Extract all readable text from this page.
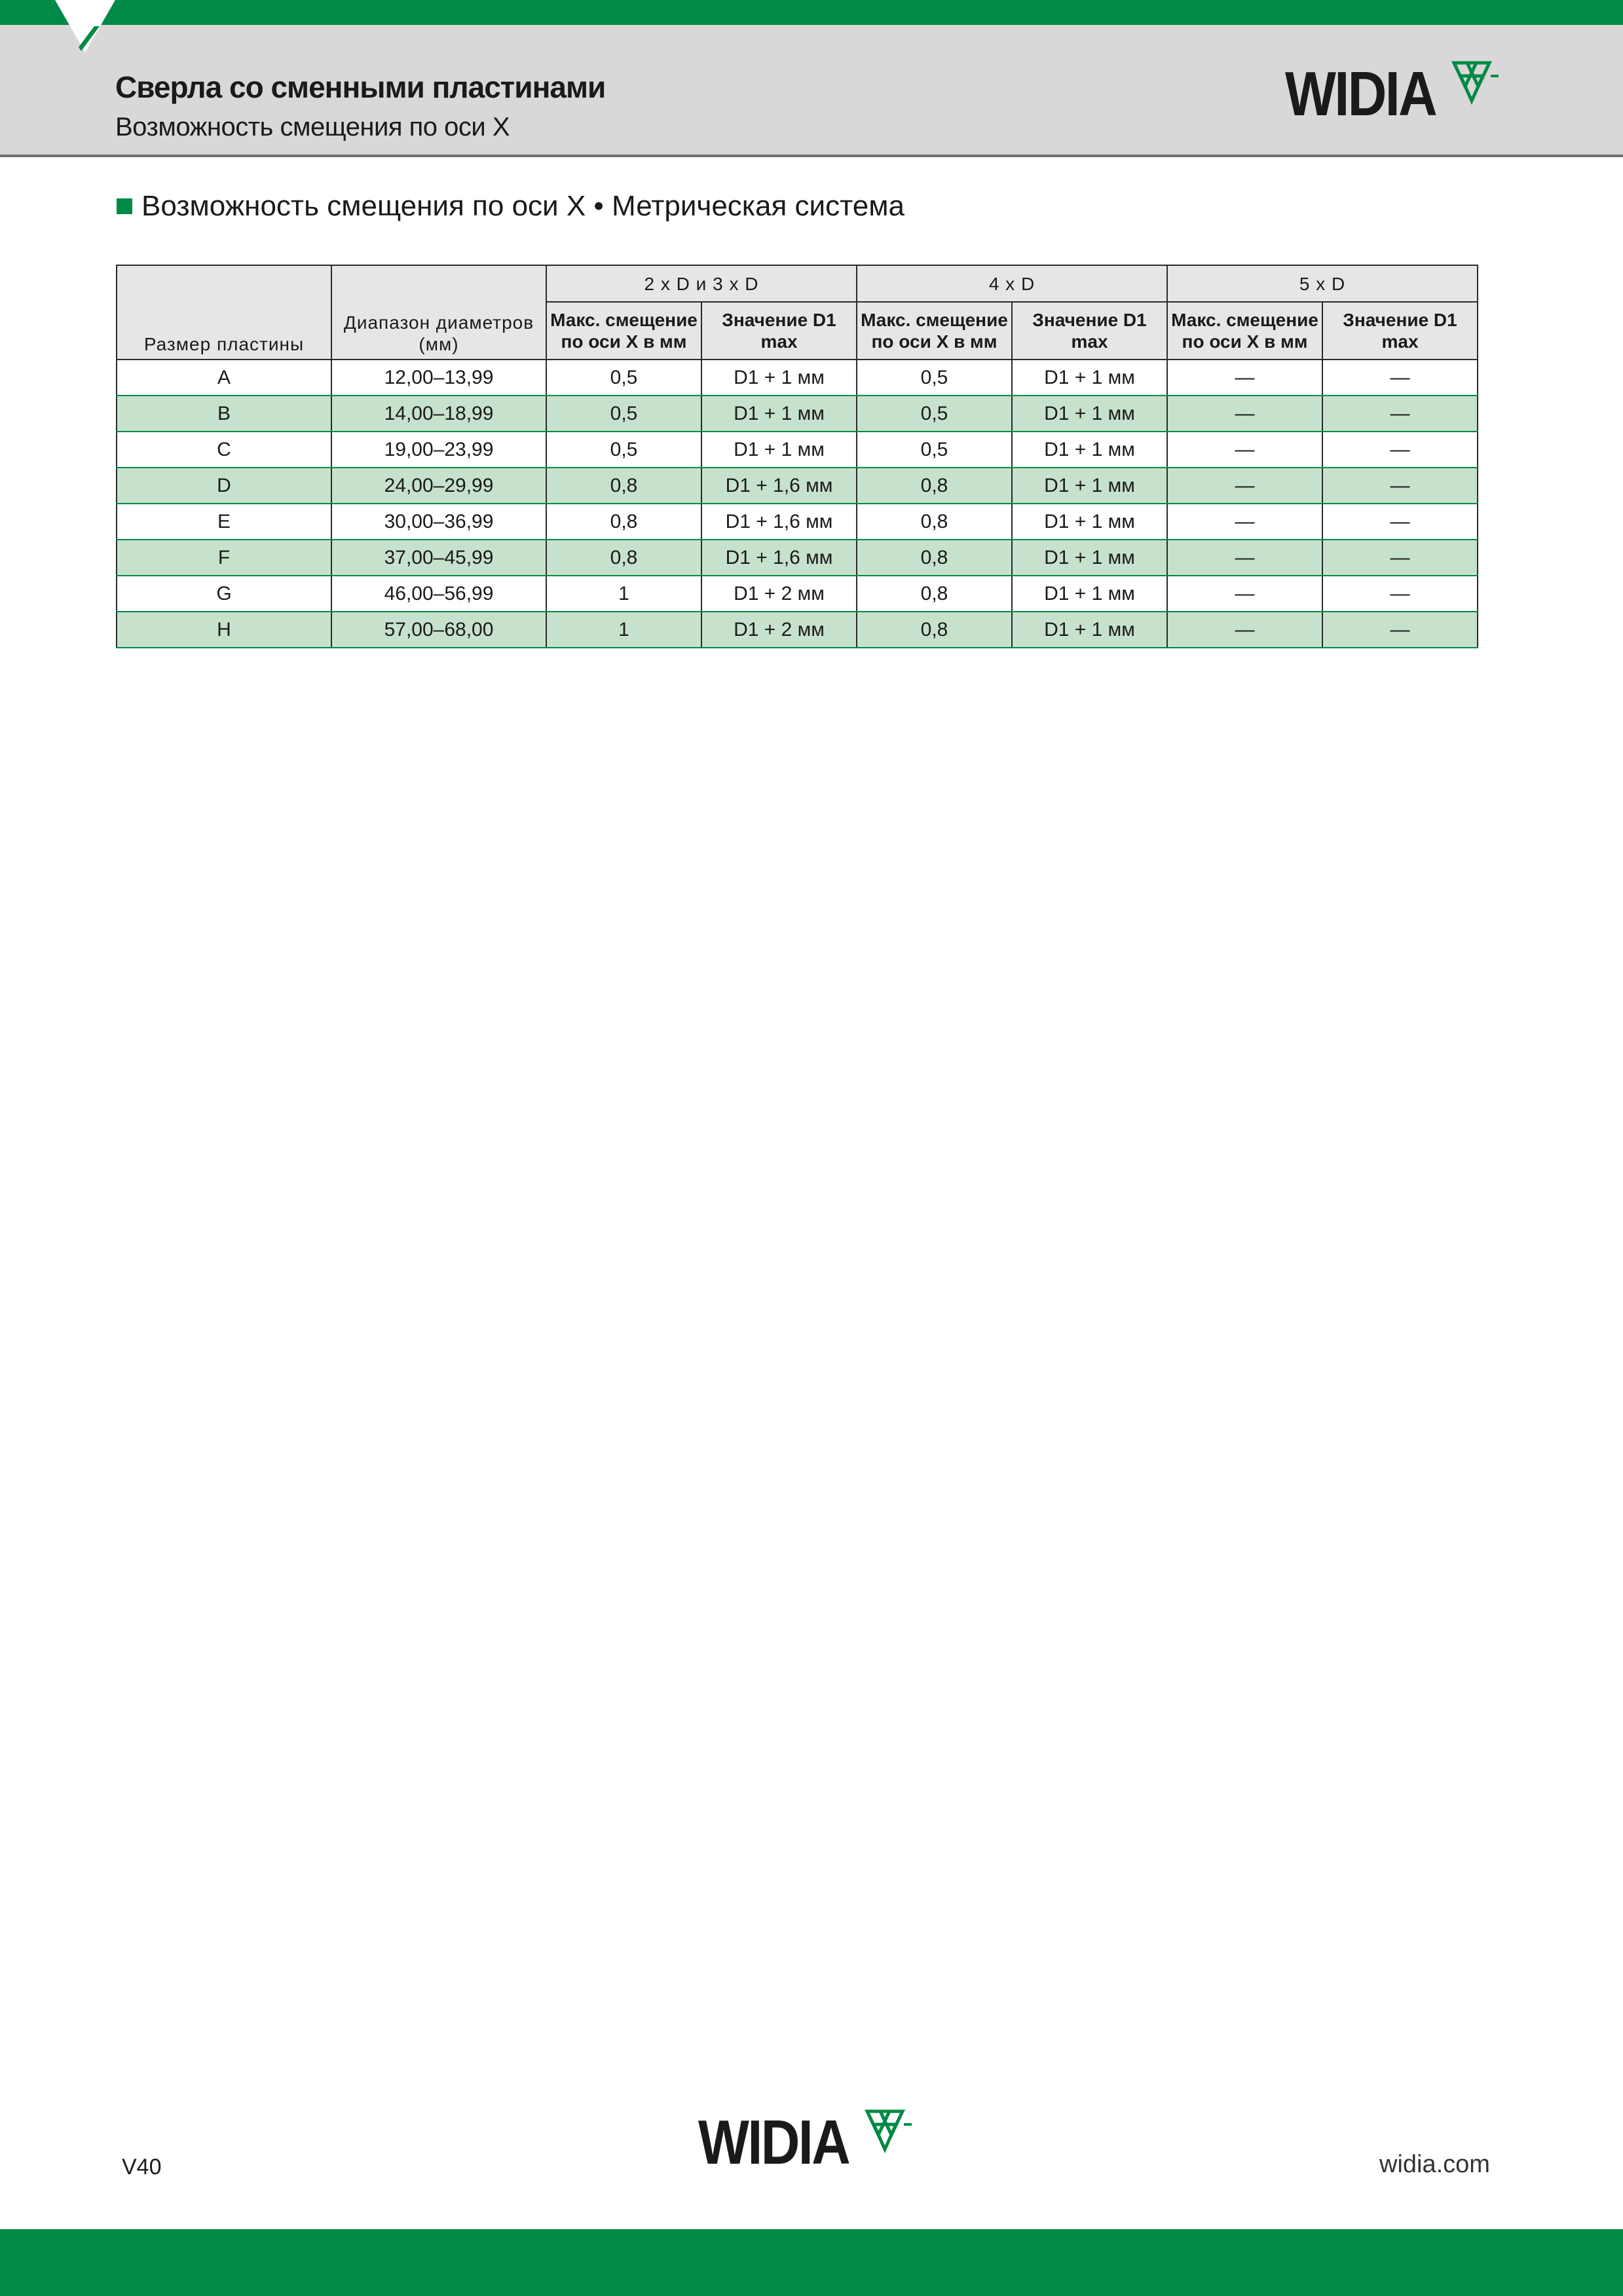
Сверла со сменными пластинами
Возможность смещения по оси X	WIDIA
Возможность смещения по оси X • Метрическая система
Размер пластины	Диапазон диаметров (мм)	2 x D и 3 x D		4 x D		5 x D	
		Макс. смещение по оси X в мм	Значение D1 max	Макс. смещение по оси X в мм	Значение D1 max	Макс. смещение по оси X в мм	Значение D1 max
A	12,00–13,99	0,5	D1 + 1 мм	0,5	D1 + 1 мм	—	—
B	14,00–18,99	0,5	D1 + 1 мм	0,5	D1 + 1 мм	—	—
C	19,00–23,99	0,5	D1 + 1 мм	0,5	D1 + 1 мм	—	—
D	24,00–29,99	0,8	D1 + 1,6 мм	0,8	D1 + 1 мм	—	—
E	30,00–36,99	0,8	D1 + 1,6 мм	0,8	D1 + 1 мм	—	—
F	37,00–45,99	0,8	D1 + 1,6 мм	0,8	D1 + 1 мм	—	—
G	46,00–56,99	1	D1 + 2 мм	0,8	D1 + 1 мм	—	—
H	57,00–68,00	1	D1 + 2 мм	0,8	D1 + 1 мм	—	—
V40	WIDIA	widia.com
